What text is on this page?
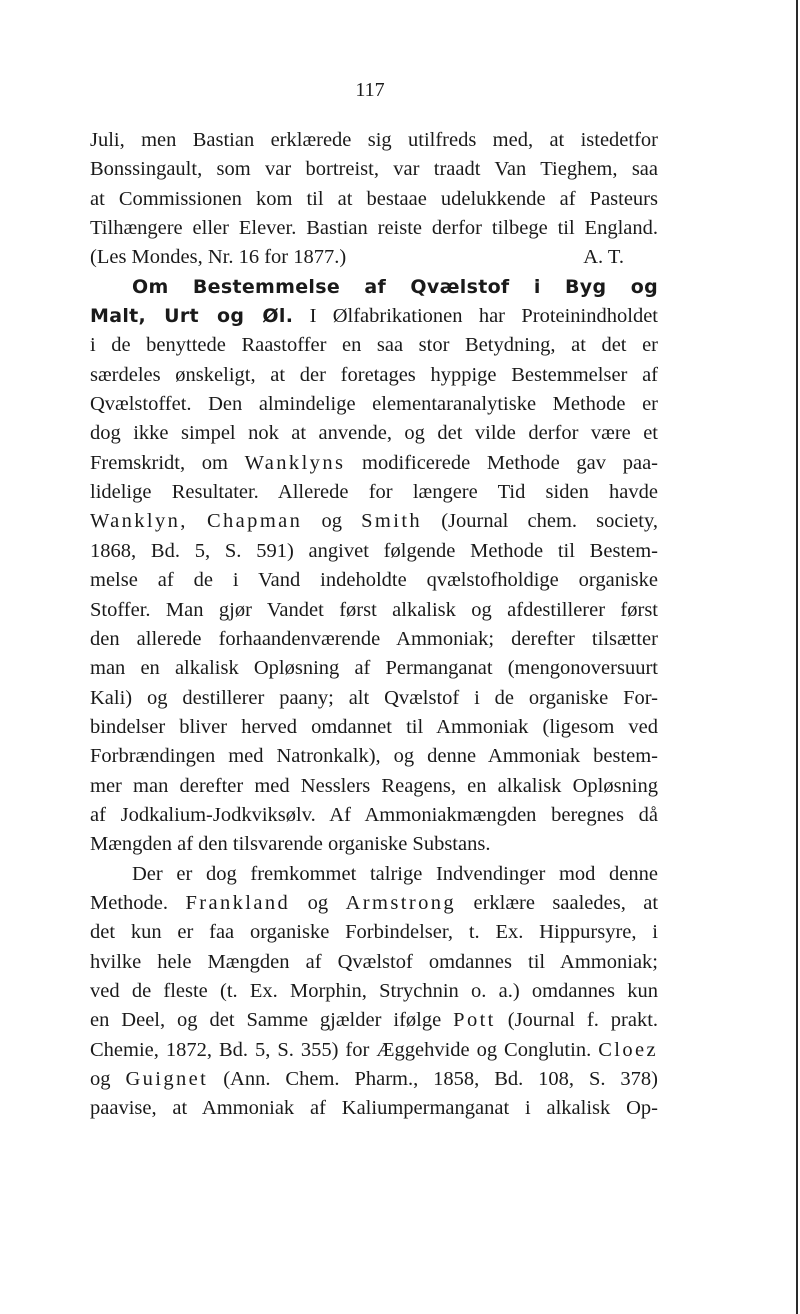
117
Juli, men Bastian erklærede sig utilfreds med, at istedetfor
Bonssingault, som var bortreist, var traadt Van Tieghem, saa
at Commissionen kom til at bestaae udelukkende af Pasteurs
Tilhængere eller Elever. Bastian reiste derfor tilbege til England.
(Les Mondes, Nr. 16 for 1877.)	A. T.
Om Bestemmelse af Qvælstof i Byg og
Malt, Urt og Øl. I Ølfabrikationen har Proteinindholdet
i de benyttede Raastoffer en saa stor Betydning, at det er
særdeles ønskeligt, at der foretages hyppige Bestemmelser af
Qvælstoffet. Den almindelige elementaranalytiske Methode er
dog ikke simpel nok at anvende, og det vilde derfor være et
Fremskridt, om Wanklyns modificerede Methode gav paa-
lidelige Resultater. Allerede for længere Tid siden havde
Wanklyn, Chapman og Smith (Journal chem. society,
1868, Bd. 5, S. 591) angivet følgende Methode til Bestem-
melse af de i Vand indeholdte qvælstofholdige organiske
Stoffer. Man gjør Vandet først alkalisk og afdestillerer først
den allerede forhaandenværende Ammoniak; derefter tilsætter
man en alkalisk Opløsning af Permanganat (mengonoversuurt
Kali) og destillerer paany; alt Qvælstof i de organiske For-
bindelser bliver herved omdannet til Ammoniak (ligesom ved
Forbrændingen med Natronkalk), og denne Ammoniak bestem-
mer man derefter med Nesslers Reagens, en alkalisk Opløsning
af Jodkalium-Jodkviksølv. Af Ammoniakmængden beregnes då
Mængden af den tilsvarende organiske Substans.
Der er dog fremkommet talrige Indvendinger mod denne
Methode. Frankland og Armstrong erklære saaledes, at
det kun er faa organiske Forbindelser, t. Ex. Hippursyre, i
hvilke hele Mængden af Qvælstof omdannes til Ammoniak;
ved de fleste (t. Ex. Morphin, Strychnin o. a.) omdannes kun
en Deel, og det Samme gjælder ifølge Pott (Journal f. prakt.
Chemie, 1872, Bd. 5, S. 355) for Æggehvide og Conglutin. Cloez
og Guignet (Ann. Chem. Pharm., 1858, Bd. 108, S. 378)
paavise, at Ammoniak af Kaliumpermanganat i alkalisk Op-
